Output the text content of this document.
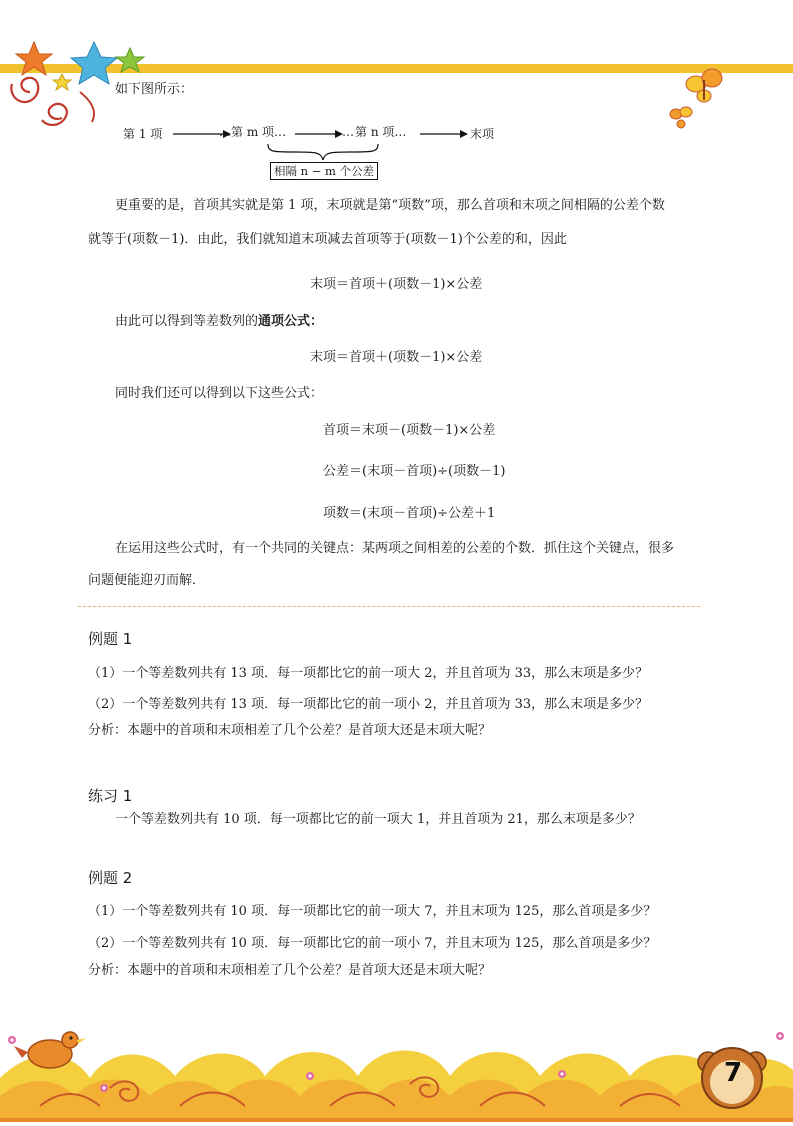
如下图所示：
第 1 项	… 第 m 项…	… 第 n 项…	末项
相隔 n − m 个公差
更重要的是，首项其实就是第 1 项，末项就是第“项数”项，那么首项和末项之间相隔的公差个数
就等于(项数－1)．由此，我们就知道末项减去首项等于(项数－1)个公差的和，因此
末项＝首项＋(项数－1)×公差
由此可以得到等差数列的通项公式：
末项＝首项＋(项数－1)×公差
同时我们还可以得到以下这些公式：
首项＝末项－(项数－1)×公差
公差＝(末项－首项)÷(项数－1)
项数＝(末项－首项)÷公差＋1
在运用这些公式时，有一个共同的关键点：某两项之间相差的公差的个数．抓住这个关键点，很多
问题便能迎刃而解．
例题 1
（1）一个等差数列共有 13 项．每一项都比它的前一项大 2，并且首项为 33，那么末项是多少？
（2）一个等差数列共有 13 项．每一项都比它的前一项小 2，并且首项为 33，那么末项是多少？
分析：本题中的首项和末项相差了几个公差？是首项大还是末项大呢？
练习 1
一个等差数列共有 10 项．每一项都比它的前一项大 1，并且首项为 21，那么末项是多少？
例题 2
（1）一个等差数列共有 10 项．每一项都比它的前一项大 7，并且末项为 125，那么首项是多少？
（2）一个等差数列共有 10 项．每一项都比它的前一项小 7，并且末项为 125，那么首项是多少？
分析：本题中的首项和末项相差了几个公差？是首项大还是末项大呢？
7
